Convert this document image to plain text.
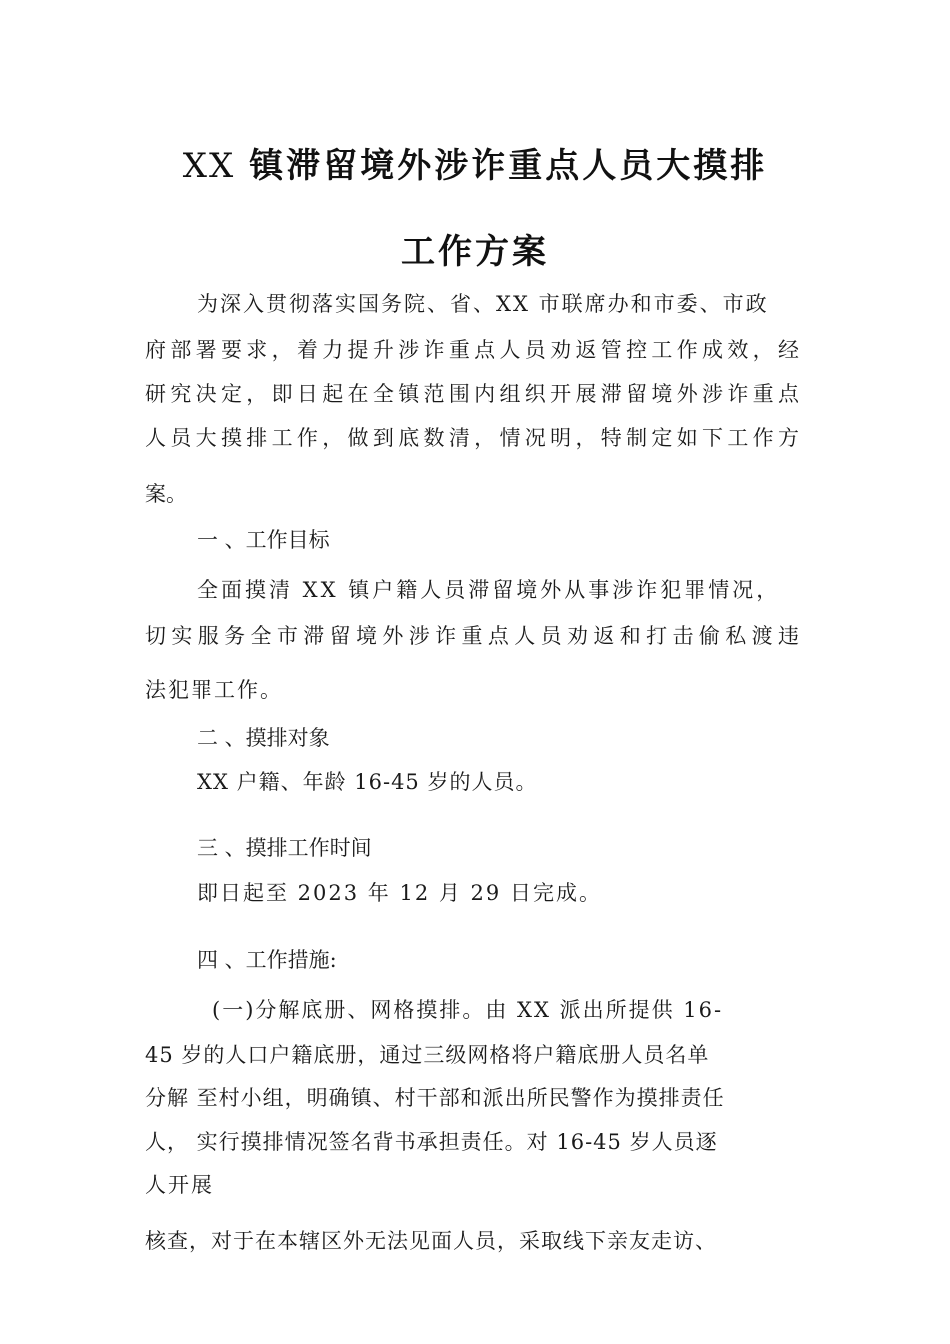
XX 镇滞留境外涉诈重点人员大摸排
工作方案
为深入贯彻落实国务院、省、XX 市联席办和市委、市政
府部署要求，着力提升涉诈重点人员劝返管控工作成效，经
研究决定，即日起在全镇范围内组织开展滞留境外涉诈重点
人员大摸排工作，做到底数清，情况明，特制定如下工作方
案。
一 、工作目标
全面摸清 XX 镇户籍人员滞留境外从事涉诈犯罪情况，
切实服务全市滞留境外涉诈重点人员劝返和打击偷私渡违
法犯罪工作。
二 、摸排对象
XX 户籍、年龄 16-45 岁的人员。
三 、摸排工作时间
即日起至 2023 年 12 月 29 日完成。
四 、工作措施:
(一)分解底册、网格摸排。由 XX 派出所提供 16-
45 岁的人口户籍底册，通过三级网格将户籍底册人员名单
分解 至村小组，明确镇、村干部和派出所民警作为摸排责任
人， 实行摸排情况签名背书承担责任。对 16-45 岁人员逐
人开展
核查，对于在本辖区外无法见面人员，采取线下亲友走访、
